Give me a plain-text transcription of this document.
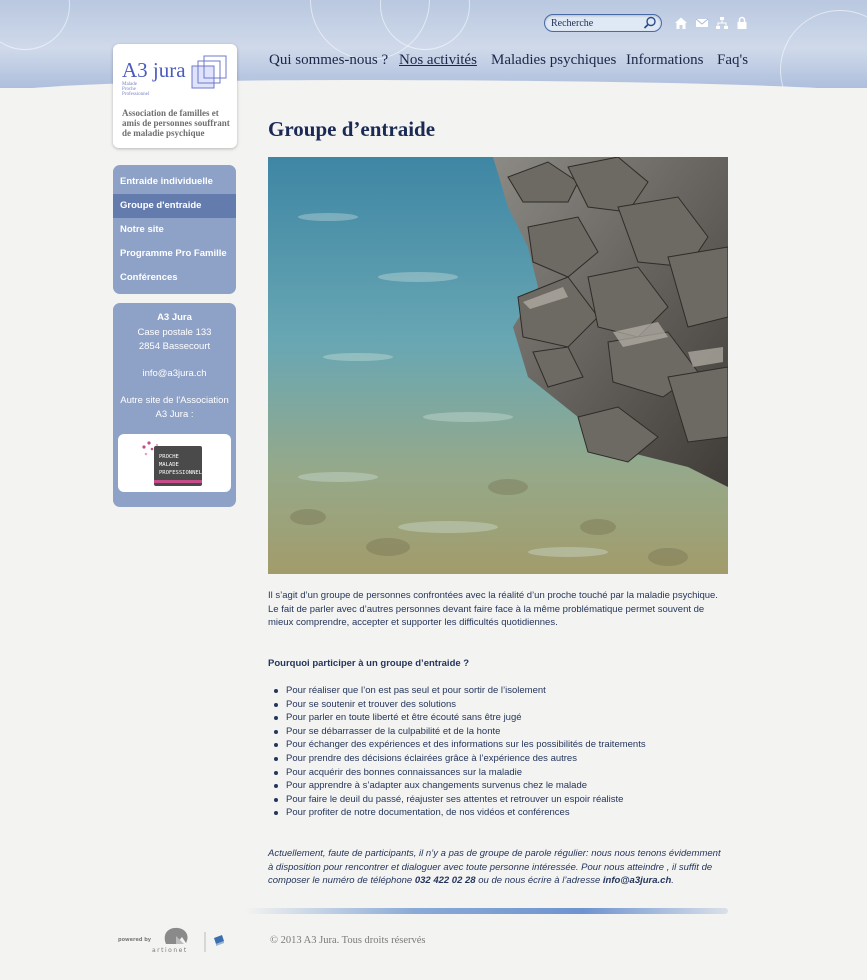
Recherche
Qui sommes-nous ? Nos activités Maladies psychiques Informations Faq's
A3 jura
Malade
Proche
Professionnel
Association de familles et amis de personnes souffrant de maladie psychique
Entraide individuelle
Groupe d'entraide
Notre site
Programme Pro Famille
Conférences
A3 Jura
Case postale 133
2854 Bassecourt
info@a3jura.ch
Autre site de l'Association
A3 Jura :
PROCHE
MALADE
PROFESSIONNEL
Groupe d’entraide

Il s’agit d’un groupe de personnes confrontées avec la réalité d’un proche touché par la maladie psychique.
Le fait de parler avec d’autres personnes devant faire face à la même problématique permet souvent de mieux comprendre, accepter et supporter les difficultés quotidiennes.

Pourquoi participer à un groupe d’entraide ?

Pour réaliser que l’on est pas seul et pour sortir de l’isolement
Pour se soutenir et trouver des solutions
Pour parler en toute liberté et être écouté sans être jugé
Pour se débarrasser de la culpabilité et de la honte
Pour échanger des expériences et des informations sur les possibilités de traitements
Pour prendre des décisions éclairées grâce à l’expérience des autres
Pour acquérir des bonnes connaissances sur la maladie
Pour apprendre à s’adapter aux changements survenus chez le malade
Pour faire le deuil du passé, réajuster ses attentes et retrouver un espoir réaliste
Pour profiter de notre documentation, de nos vidéos et conférences

Actuellement, faute de participants, il n’y a pas de groupe de parole régulier: nous nous tenons évidemment à disposition pour rencontrer et dialoguer avec toute personne intéressée. Pour nous atteindre , il suffit de composer le numéro de téléphone 032 422 02 28 ou de nous écrire à l’adresse info@a3jura.ch.

powered by
artionet
© 2013 A3 Jura. Tous droits réservés
